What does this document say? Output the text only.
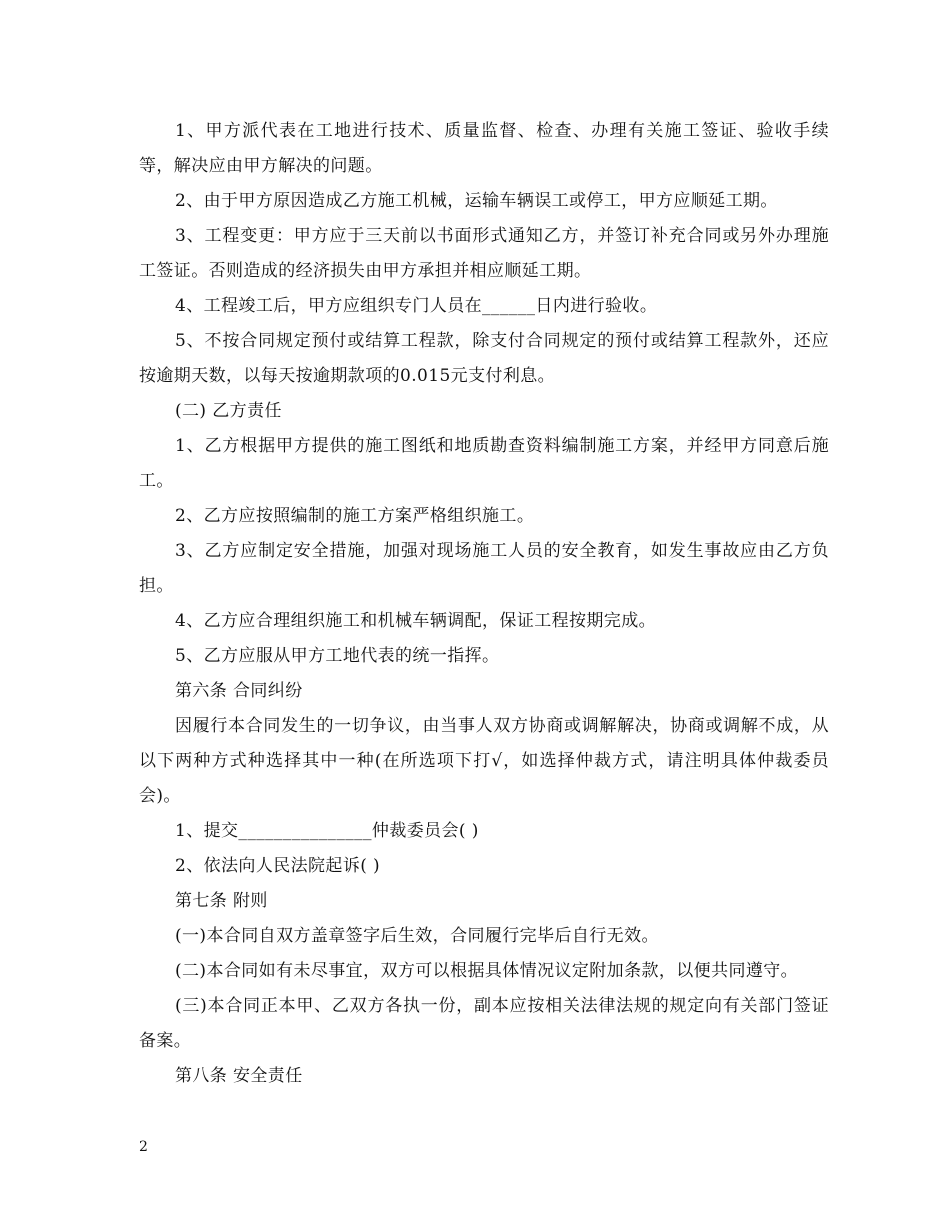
1、甲方派代表在工地进行技术、质量监督、检查、办理有关施工签证、验收手续等，解决应由甲方解决的问题。

2、由于甲方原因造成乙方施工机械，运输车辆误工或停工，甲方应顺延工期。

3、工程变更：甲方应于三天前以书面形式通知乙方，并签订补充合同或另外办理施工签证。否则造成的经济损失由甲方承担并相应顺延工期。

4、工程竣工后，甲方应组织专门人员在______日内进行验收。

5、不按合同规定预付或结算工程款，除支付合同规定的预付或结算工程款外，还应按逾期天数，以每天按逾期款项的0.015元支付利息。

(二) 乙方责任

1、乙方根据甲方提供的施工图纸和地质勘查资料编制施工方案，并经甲方同意后施工。

2、乙方应按照编制的施工方案严格组织施工。

3、乙方应制定安全措施，加强对现场施工人员的安全教育，如发生事故应由乙方负担。

4、乙方应合理组织施工和机械车辆调配，保证工程按期完成。

5、乙方应服从甲方工地代表的统一指挥。

第六条 合同纠纷

因履行本合同发生的一切争议，由当事人双方协商或调解解决，协商或调解不成，从以下两种方式种选择其中一种(在所选项下打√，如选择仲裁方式，请注明具体仲裁委员会)。

1、提交_______________仲裁委员会( )

2、依法向人民法院起诉( )

第七条 附则

(一)本合同自双方盖章签字后生效，合同履行完毕后自行无效。

(二)本合同如有未尽事宜，双方可以根据具体情况议定附加条款，以便共同遵守。

(三)本合同正本甲、乙双方各执一份，副本应按相关法律法规的规定向有关部门签证备案。

第八条 安全责任

2
